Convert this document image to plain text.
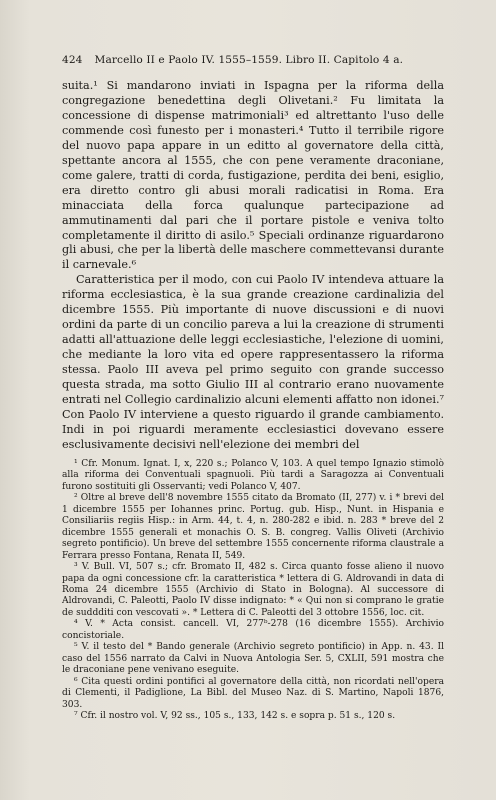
424 Marcello II e Paolo IV. 1555–1559. Libro II. Capitolo 4 a.

suita.¹ Si mandarono inviati in Ispagna per la riforma della congregazione benedettina degli Olivetani.² Fu limitata la concessione di dispense matrimoniali³ ed altrettanto l'uso delle commende così funesto per i monasteri.⁴ Tutto il terribile rigore del nuovo papa appare in un editto al governatore della città, spettante ancora al 1555, che con pene veramente draconiane, come galere, tratti di corda, fustigazione, perdita dei beni, esiglio, era diretto contro gli abusi morali radicatisi in Roma. Era minacciata della forca qualunque partecipazione ad ammutinamenti dal pari che il portare pistole e veniva tolto completamente il diritto di asilo.⁵ Speciali ordinanze riguardarono gli abusi, che per la libertà delle maschere commettevansi durante il carnevale.⁶

Caratteristica per il modo, con cui Paolo IV intendeva attuare la riforma ecclesiastica, è la sua grande creazione cardinalizia del dicembre 1555. Più importante di nuove discussioni e di nuovi ordini da parte di un concilio pareva a lui la creazione di strumenti adatti all'attuazione delle leggi ecclesiastiche, l'elezione di uomini, che mediante la loro vita ed opere rappresentassero la riforma stessa. Paolo III aveva pel primo seguito con grande successo questa strada, ma sotto Giulio III al contrario erano nuovamente entrati nel Collegio cardinalizio alcuni elementi affatto non idonei.⁷ Con Paolo IV interviene a questo riguardo il grande cambiamento. Indi in poi riguardi meramente ecclesiastici dovevano essere esclusivamente decisivi nell'elezione dei membri del

¹ Cfr. Monum. Ignat. I, x, 220 s.; Polanco V, 103. A quel tempo Ignazio stimolò alla riforma dei Conventuali spagnuoli. Più tardi a Saragozza ai Conventuali furono sostituiti gli Osservanti; vedi Polanco V, 407.

² Oltre al breve dell'8 novembre 1555 citato da Bromato (II, 277) v. i * brevi del 1 dicembre 1555 per Iohannes princ. Portug. gub. Hisp., Nunt. in Hispania e Consiliariis regiis Hisp.: in Arm. 44, t. 4, n. 280-282 e ibid. n. 283 * breve del 2 dicembre 1555 generali et monachis O. S. B. congreg. Vallis Oliveti (Archivio segreto pontificio). Un breve del settembre 1555 concernente riforma claustrale a Ferrara presso Fontana, Renata II, 549.

³ V. Bull. VI, 507 s.; cfr. Bromato II, 482 s. Circa quanto fosse alieno il nuovo papa da ogni concessione cfr. la caratteristica * lettera di G. Aldrovandi in data di Roma 24 dicembre 1555 (Archivio di Stato in Bologna). Al successore di Aldrovandi, C. Paleotti, Paolo IV disse indignato: * « Qui non si comprano le gratie de suddditi con vescovati ». * Lettera di C. Paleotti del 3 ottobre 1556, loc. cit.

⁴ V. * Acta consist. cancell. VI, 277ᵇ-278 (16 dicembre 1555). Archivio concistoriale.

⁵ V. il testo del * Bando generale (Archivio segreto pontificio) in App. n. 43. Il caso del 1556 narrato da Calvi in Nuova Antologia Ser. 5, CXLII, 591 mostra che le draconiane pene venivano eseguite.

⁶ Cita questi ordini pontifici al governatore della città, non ricordati nell'opera di Clementi, il Padiglione, La Bibl. del Museo Naz. di S. Martino, Napoli 1876, 303.

⁷ Cfr. il nostro vol. V, 92 ss., 105 s., 133, 142 s. e sopra p. 51 s., 120 s.
